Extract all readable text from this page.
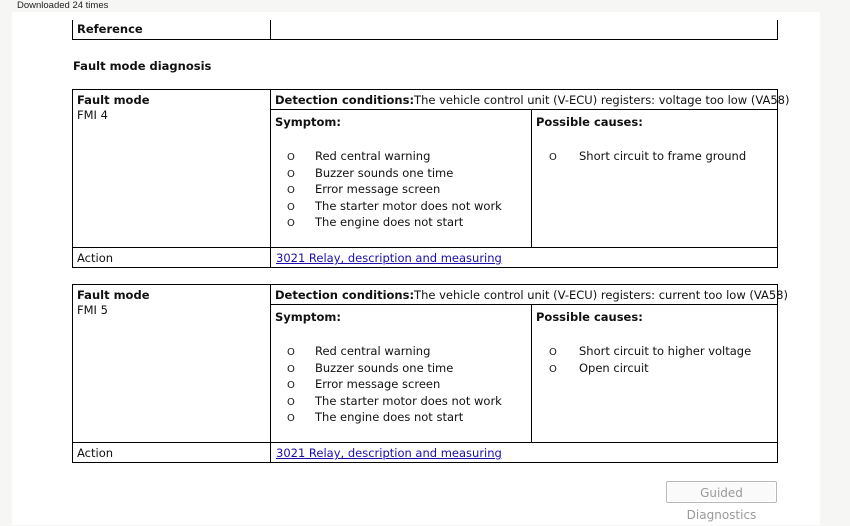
Downloaded 24 times
Reference
Fault mode diagnosis
Fault mode
FMI 4
Detection conditions:The vehicle control unit (V-ECU) registers: voltage too low (VA58)
Symptom:
O Red central warning
O Buzzer sounds one time
O Error message screen
O The starter motor does not work
O The engine does not start
Possible causes:
O Short circuit to frame ground
Action	3021 Relay, description and measuring
Fault mode
FMI 5
Detection conditions:The vehicle control unit (V-ECU) registers: current too low (VA58)
Symptom:
O Red central warning
O Buzzer sounds one time
O Error message screen
O The starter motor does not work
O The engine does not start
Possible causes:
O Short circuit to higher voltage
O Open circuit
Action	3021 Relay, description and measuring
Guided Diagnostics
